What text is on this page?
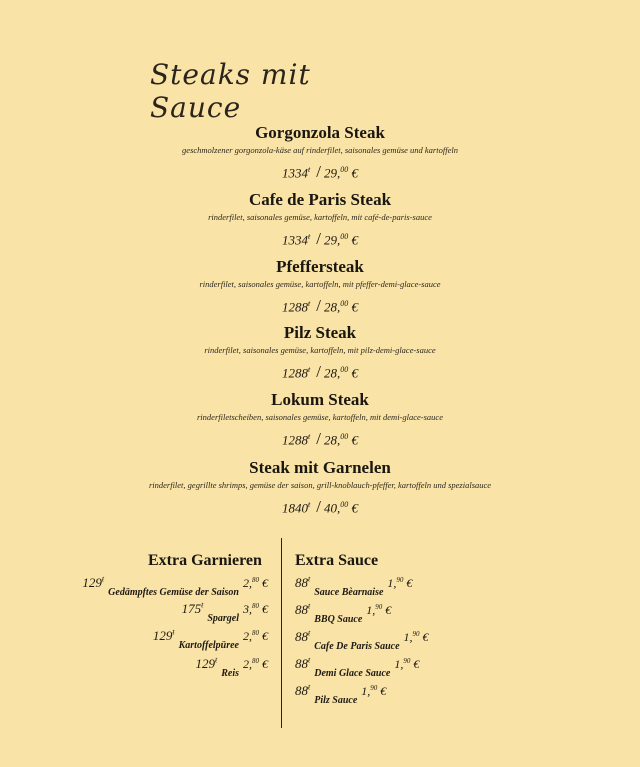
Steaks mit Sauce
Gorgonzola Steak
geschmolzener gorgonzola-käse auf rinderfilet, saisonales gemüse und kartoffeln
$1334^ŧ / 29,00$ €
Cafe de Paris Steak
rinderfilet, saisonales gemüse, kartoffeln, mit café-de-paris-sauce
$1334^ŧ / 29,00$ €
Pfeffersteak
rinderfilet, saisonales gemüse, kartoffeln, mit pfeffer-demi-glace-sauce
$1288^ŧ / 28,00$ €
Pilz Steak
rinderfilet, saisonales gemüse, kartoffeln, mit pilz-demi-glace-sauce
$1288^ŧ / 28,00$ €
Lokum Steak
rinderfiletscheiben, saisonales gemüse, kartoffeln, mit demi-glace-sauce
$1288^ŧ / 28,00$ €
Steak mit Garnelen
rinderfilet, gegrillte shrimps, gemüse der saison, grill-knoblauch-pfeffer, kartoffeln und spezialsauce
$1840^ŧ / 40,00$ €
Extra Garnieren Extra Sauce
$129^ŧ$ $_{Gedämpftes Gemüse der Saison}$ 2,80 €
$175^ŧ$ $_{Spargel}$ 3,80 €
$129^ŧ$ $_{Kartoffelpüree}$ 2,80 €
$129^ŧ$ $_{Reis}$ 2,80 €
$88^ŧ$ $_{Sauce Bèarnaise}$ 1,90 €
$88^ŧ$ $_{BBQ Sauce}$ 1,90 €
$88^ŧ$ $_{Cafe De Paris Sauce}$ 1,90 €
$88^ŧ$ $_{Demi Glace Sauce}$ 1,90 €
$88^ŧ$ $_{Pilz Sauce}$ 1,90 €
